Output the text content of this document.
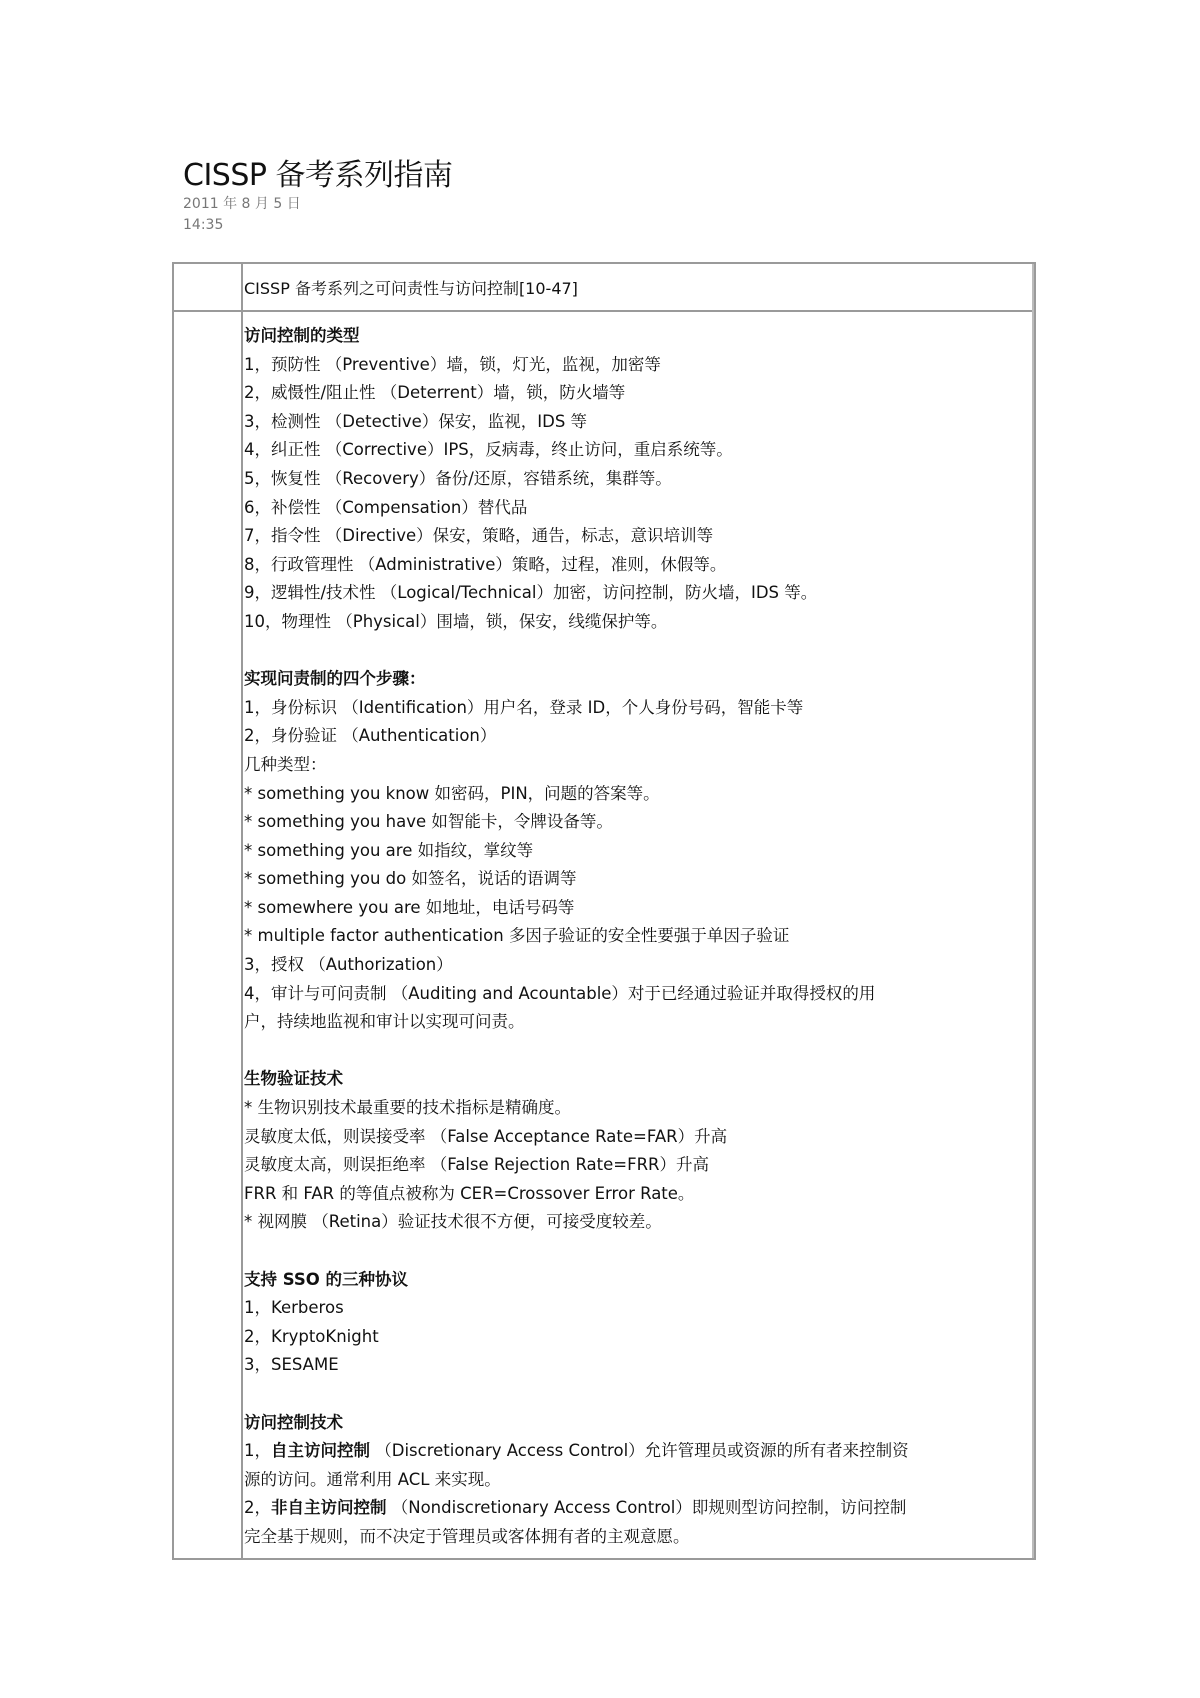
CISSP 备考系列指南
2011 年 8 月 5 日
14:35
CISSP 备考系列之可问责性与访问控制[10-47]
访问控制的类型
1，预防性 （Preventive）墙，锁，灯光，监视，加密等
2，威慑性/阻止性 （Deterrent）墙，锁，防火墙等
3，检测性 （Detective）保安，监视，IDS 等
4，纠正性 （Corrective）IPS，反病毒，终止访问，重启系统等。
5，恢复性 （Recovery）备份/还原，容错系统，集群等。
6，补偿性 （Compensation）替代品
7，指令性 （Directive）保安，策略，通告，标志，意识培训等
8，行政管理性 （Administrative）策略，过程，准则，休假等。
9，逻辑性/技术性 （Logical/Technical）加密，访问控制，防火墙，IDS 等。
10，物理性 （Physical）围墙，锁，保安，线缆保护等。
实现问责制的四个步骤：
1，身份标识 （Identification）用户名，登录 ID，个人身份号码，智能卡等
2，身份验证 （Authentication）
几种类型：
* something you know 如密码，PIN，问题的答案等。
* something you have 如智能卡，令牌设备等。
* something you are 如指纹，掌纹等
* something you do 如签名，说话的语调等
* somewhere you are 如地址，电话号码等
* multiple factor authentication 多因子验证的安全性要强于单因子验证
3，授权 （Authorization）
4，审计与可问责制 （Auditing and Acountable）对于已经通过验证并取得授权的用
户，持续地监视和审计以实现可问责。
生物验证技术
* 生物识别技术最重要的技术指标是精确度。
灵敏度太低，则误接受率 （False Acceptance Rate=FAR）升高
灵敏度太高，则误拒绝率 （False Rejection Rate=FRR）升高
FRR 和 FAR 的等值点被称为 CER=Crossover Error Rate。
* 视网膜 （Retina）验证技术很不方便，可接受度较差。
支持 SSO 的三种协议
1，Kerberos
2，KryptoKnight
3，SESAME
访问控制技术
1，自主访问控制 （Discretionary Access Control）允许管理员或资源的所有者来控制资
源的访问。通常利用 ACL 来实现。
2，非自主访问控制 （Nondiscretionary Access Control）即规则型访问控制，访问控制
完全基于规则，而不决定于管理员或客体拥有者的主观意愿。
